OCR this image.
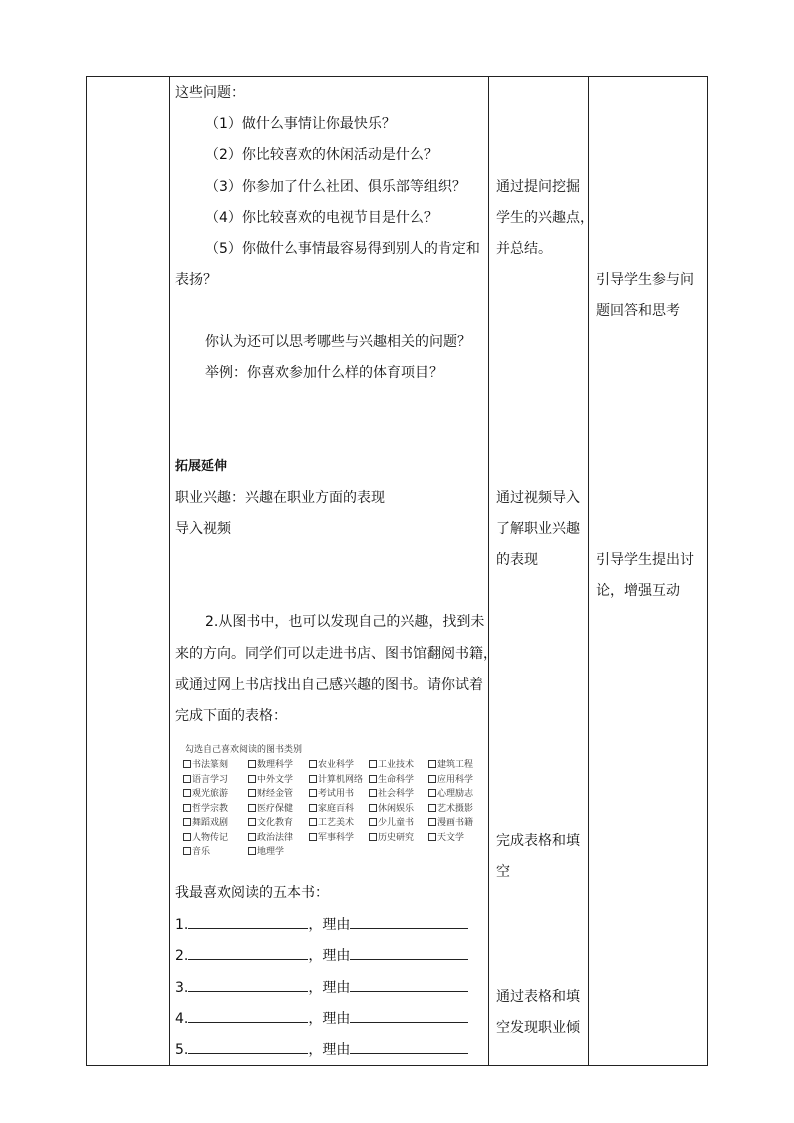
这些问题：
（1）做什么事情让你最快乐？
（2）你比较喜欢的休闲活动是什么？
（3）你参加了什么社团、俱乐部等组织？
（4）你比较喜欢的电视节目是什么？
（5）你做什么事情最容易得到别人的肯定和
表扬？
你认为还可以思考哪些与兴趣相关的问题？
举例：你喜欢参加什么样的体育项目？
拓展延伸
职业兴趣：兴趣在职业方面的表现
导入视频
2.从图书中，也可以发现自己的兴趣，找到未
来的方向。同学们可以走进书店、图书馆翻阅书籍，
或通过网上书店找出自己感兴趣的图书。请你试着
完成下面的表格：
勾选自己喜欢阅读的图书类别
书法篆刻	数理科学	农业科学	工业技术	建筑工程
语言学习	中外文学	计算机网络	生命科学	应用科学
观光旅游	财经金管	考试用书	社会科学	心理励志
哲学宗教	医疗保健	家庭百科	休闲娱乐	艺术摄影
舞蹈戏剧	文化教育	工艺美术	少儿童书	漫画书籍
人物传记	政治法律	军事科学	历史研究	天文学
音乐	地理学
我最喜欢阅读的五本书：
1.	，理由
2.	，理由
3.	，理由
4.	，理由
5.	，理由
通过提问挖掘
学生的兴趣点，
并总结。
通过视频导入
了解职业兴趣
的表现
完成表格和填
空
通过表格和填
空发现职业倾
引导学生参与问
题回答和思考
引导学生提出讨
论，增强互动
